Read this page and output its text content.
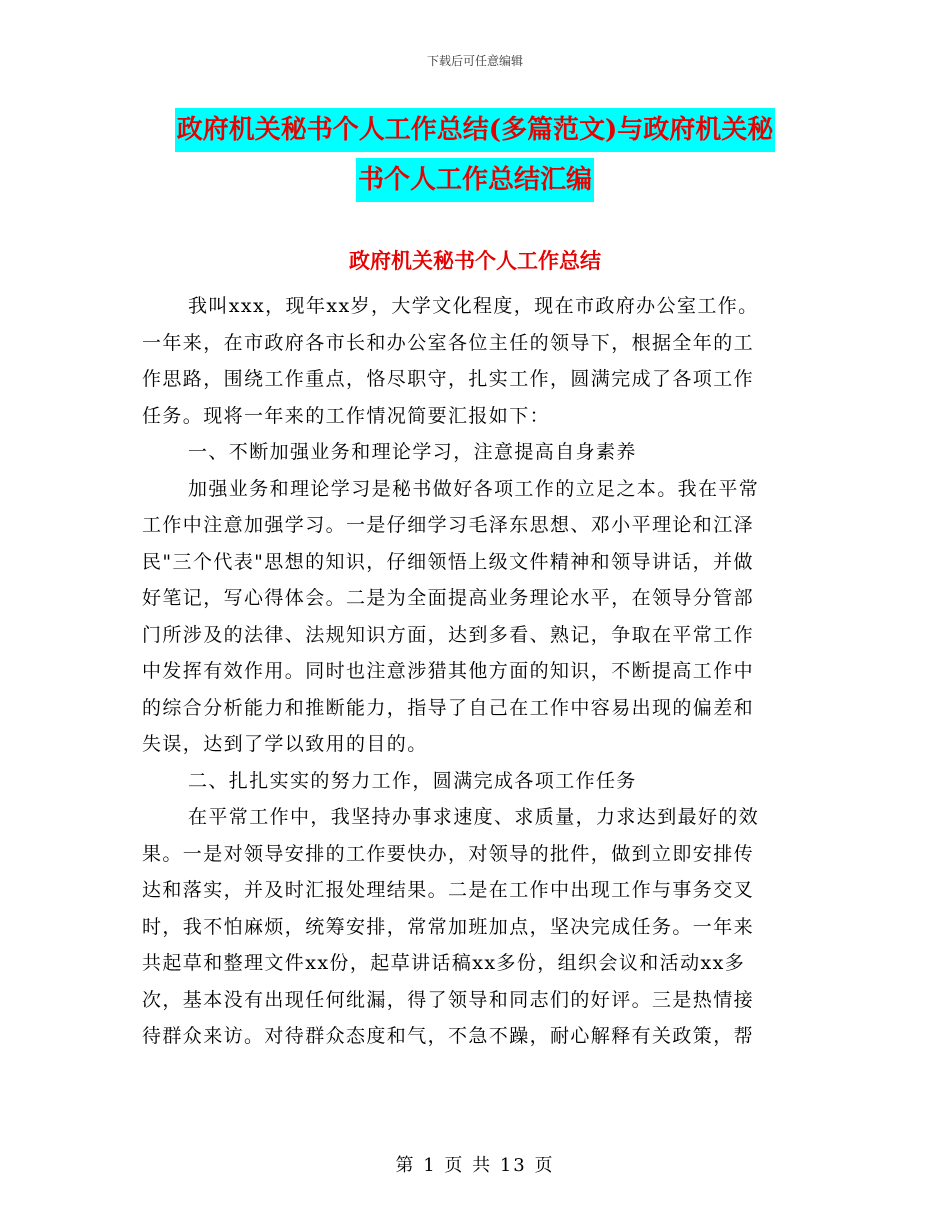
下载后可任意编辑
政府机关秘书个人工作总结(多篇范文)与政府机关秘
书个人工作总结汇编
政府机关秘书个人工作总结
我叫xxx，现年xx岁，大学文化程度，现在市政府办公室工作。
一年来，在市政府各市长和办公室各位主任的领导下，根据全年的工
作思路，围绕工作重点，恪尽职守，扎实工作，圆满完成了各项工作
任务。现将一年来的工作情况简要汇报如下：
一、不断加强业务和理论学习，注意提高自身素养
加强业务和理论学习是秘书做好各项工作的立足之本。我在平常
工作中注意加强学习。一是仔细学习毛泽东思想、邓小平理论和江泽
民"三个代表"思想的知识，仔细领悟上级文件精神和领导讲话，并做
好笔记，写心得体会。二是为全面提高业务理论水平，在领导分管部
门所涉及的法律、法规知识方面，达到多看、熟记，争取在平常工作
中发挥有效作用。同时也注意涉猎其他方面的知识，不断提高工作中
的综合分析能力和推断能力，指导了自己在工作中容易出现的偏差和
失误，达到了学以致用的目的。
二、扎扎实实的努力工作，圆满完成各项工作任务
在平常工作中，我坚持办事求速度、求质量，力求达到最好的效
果。一是对领导安排的工作要快办，对领导的批件，做到立即安排传
达和落实，并及时汇报处理结果。二是在工作中出现工作与事务交叉
时，我不怕麻烦，统筹安排，常常加班加点，坚决完成任务。一年来
共起草和整理文件xx份，起草讲话稿xx多份，组织会议和活动xx多
次，基本没有出现任何纰漏，得了领导和同志们的好评。三是热情接
待群众来访。对待群众态度和气，不急不躁，耐心解释有关政策，帮
第 1 页 共 13 页
